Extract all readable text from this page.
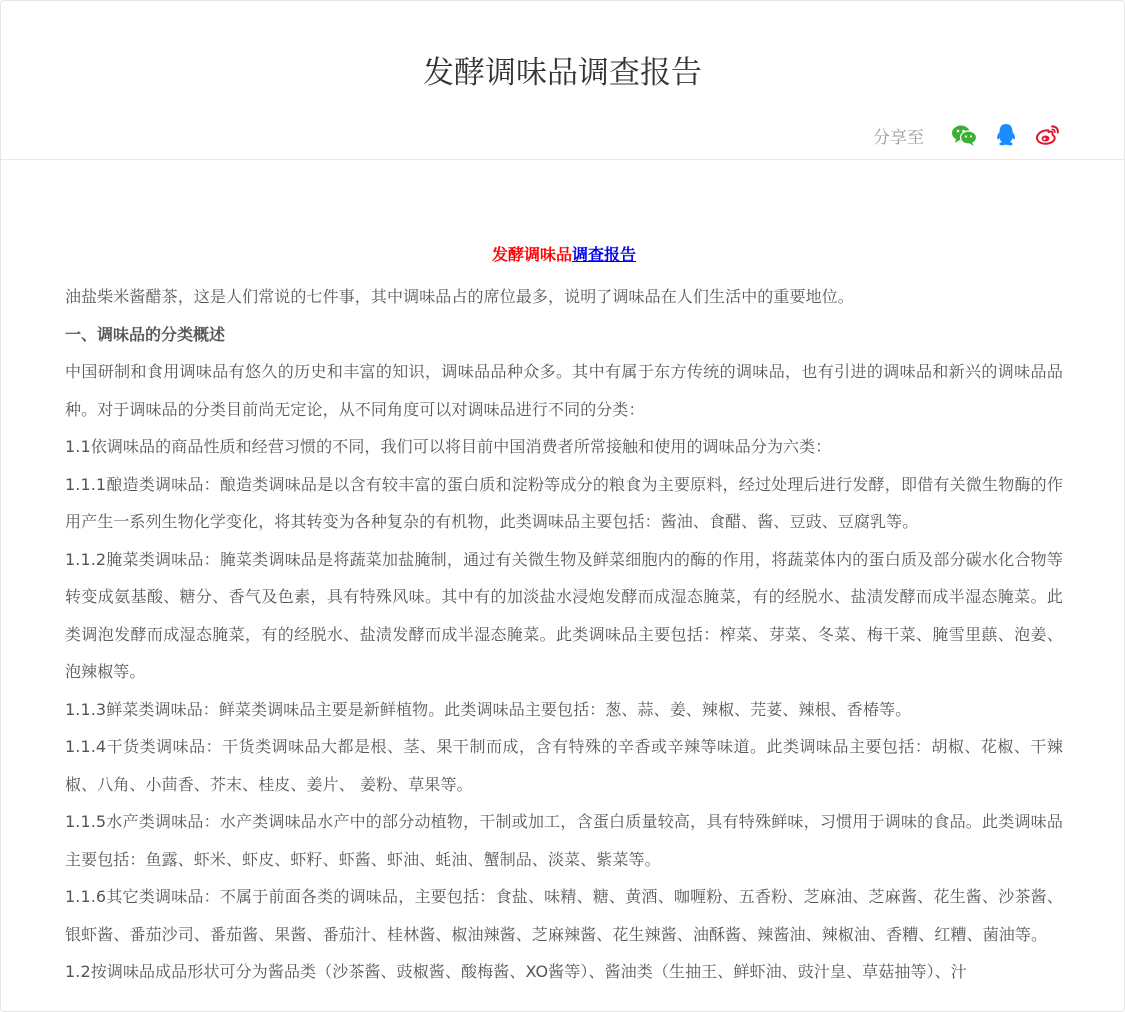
发酵调味品调查报告
分享至
发酵调味品调查报告

油盐柴米酱醋茶，这是人们常说的七件事，其中调味品占的席位最多，说明了调味品在人们生活中的重要地位。

一、调味品的分类概述

中国研制和食用调味品有悠久的历史和丰富的知识，调味品品种众多。其中有属于东方传统的调味品，也有引进的调味品和新兴的调味品品种。对于调味品的分类目前尚无定论，从不同角度可以对调味品进行不同的分类：

1.1依调味品的商品性质和经营习惯的不同，我们可以将目前中国消费者所常接触和使用的调味品分为六类：

1.1.1酿造类调味品：酿造类调味品是以含有较丰富的蛋白质和淀粉等成分的粮食为主要原料，经过处理后进行发酵，即借有关微生物酶的作用产生一系列生物化学变化，将其转变为各种复杂的有机物，此类调味品主要包括：酱油、食醋、酱、豆豉、豆腐乳等。

1.1.2腌菜类调味品：腌菜类调味品是将蔬菜加盐腌制，通过有关微生物及鲜菜细胞内的酶的作用，将蔬菜体内的蛋白质及部分碳水化合物等转变成氨基酸、糖分、香气及色素，具有特殊风味。其中有的加淡盐水浸炮发酵而成湿态腌菜，有的经脱水、盐渍发酵而成半湿态腌菜。此类调泡发酵而成湿态腌菜，有的经脱水、盐渍发酵而成半湿态腌菜。此类调味品主要包括：榨菜、芽菜、冬菜、梅干菜、腌雪里蕻、泡姜、泡辣椒等。

1.1.3鲜菜类调味品：鲜菜类调味品主要是新鲜植物。此类调味品主要包括：葱、蒜、姜、辣椒、芫荽、辣根、香椿等。

1.1.4干货类调味品：干货类调味品大都是根、茎、果干制而成，含有特殊的辛香或辛辣等味道。此类调味品主要包括：胡椒、花椒、干辣椒、八角、小茴香、芥末、桂皮、姜片、 姜粉、草果等。

1.1.5水产类调味品：水产类调味品水产中的部分动植物，干制或加工，含蛋白质量较高，具有特殊鲜味，习惯用于调味的食品。此类调味品主要包括：鱼露、虾米、虾皮、虾籽、虾酱、虾油、蚝油、蟹制品、淡菜、紫菜等。

1.1.6其它类调味品：不属于前面各类的调味品，主要包括：食盐、味精、糖、黄酒、咖喱粉、五香粉、芝麻油、芝麻酱、花生酱、沙茶酱、银虾酱、番茄沙司、番茄酱、果酱、番茄汁、桂林酱、椒油辣酱、芝麻辣酱、花生辣酱、油酥酱、辣酱油、辣椒油、香糟、红糟、菌油等。

1.2按调味品成品形状可分为酱品类（沙茶酱、豉椒酱、酸梅酱、XO酱等）、酱油类（生抽王、鲜虾油、豉汁皇、草菇抽等）、汁
